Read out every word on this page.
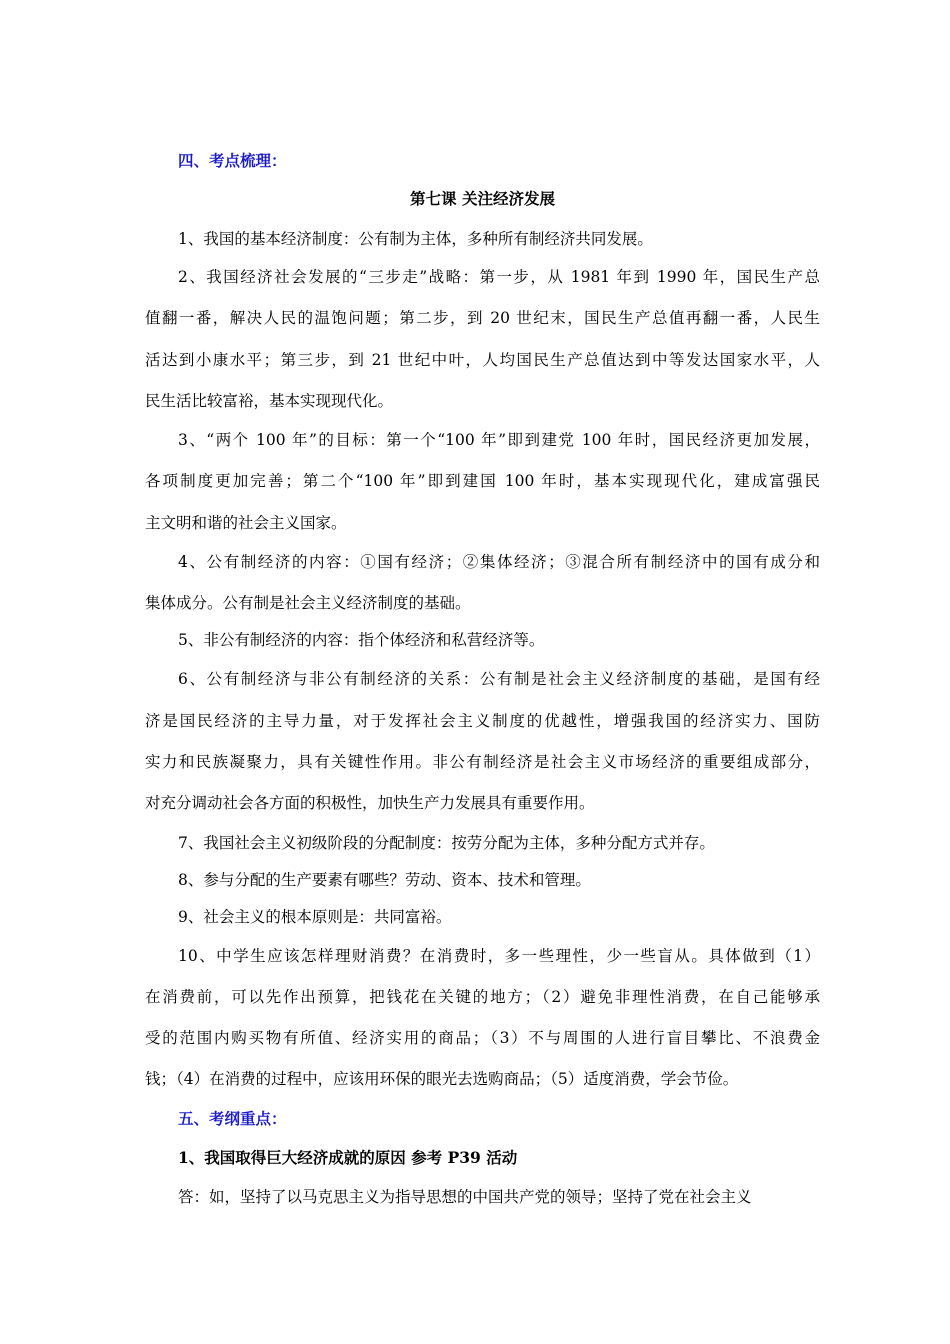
四、考点梳理：
第七课 关注经济发展
1、我国的基本经济制度：公有制为主体，多种所有制经济共同发展。
2、我国经济社会发展的“三步走”战略：第一步，从 1981 年到 1990 年，国民生产总
值翻一番，解决人民的温饱问题；第二步，到 20 世纪末，国民生产总值再翻一番，人民生
活达到小康水平；第三步，到 21 世纪中叶，人均国民生产总值达到中等发达国家水平，人
民生活比较富裕，基本实现现代化。
3、“两个 100 年”的目标：第一个“100 年”即到建党 100 年时，国民经济更加发展，
各项制度更加完善；第二个“100 年”即到建国 100 年时，基本实现现代化，建成富强民
主文明和谐的社会主义国家。
4、公有制经济的内容：①国有经济；②集体经济；③混合所有制经济中的国有成分和
集体成分。公有制是社会主义经济制度的基础。
5、非公有制经济的内容：指个体经济和私营经济等。
6、公有制经济与非公有制经济的关系：公有制是社会主义经济制度的基础，是国有经
济是国民经济的主导力量，对于发挥社会主义制度的优越性，增强我国的经济实力、国防
实力和民族凝聚力，具有关键性作用。非公有制经济是社会主义市场经济的重要组成部分，
对充分调动社会各方面的积极性，加快生产力发展具有重要作用。
7、我国社会主义初级阶段的分配制度：按劳分配为主体，多种分配方式并存。
8、参与分配的生产要素有哪些？劳动、资本、技术和管理。
9、社会主义的根本原则是：共同富裕。
10、中学生应该怎样理财消费？在消费时，多一些理性，少一些盲从。具体做到（1）
在消费前，可以先作出预算，把钱花在关键的地方；（2）避免非理性消费，在自己能够承
受的范围内购买物有所值、经济实用的商品；（3）不与周围的人进行盲目攀比、不浪费金
钱；（4）在消费的过程中，应该用环保的眼光去选购商品；（5）适度消费，学会节俭。
五、考纲重点：
1、我国取得巨大经济成就的原因 参考 P39 活动
答：如，坚持了以马克思主义为指导思想的中国共产党的领导；坚持了党在社会主义
